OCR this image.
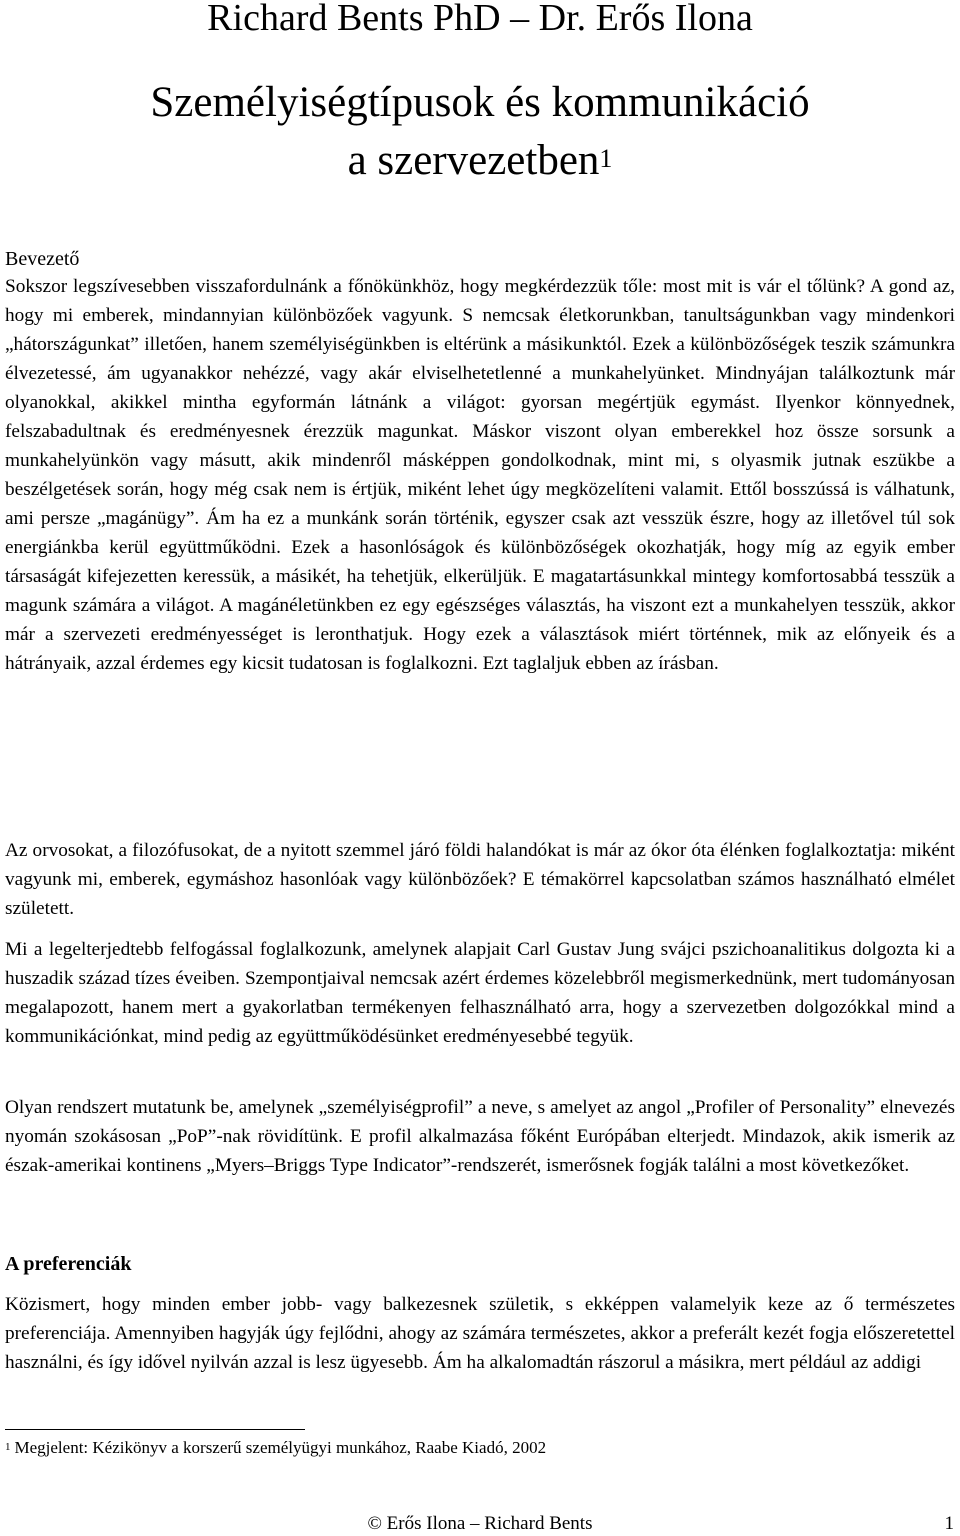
Richard Bents PhD – Dr. Erős Ilona
Személyiségtípusok és kommunikáció
a szervezetben$^1$
Bevezető

Sokszor legszívesebben visszafordulnánk a főnökünkhöz, hogy megkérdezzük tőle: most mit is vár el tőlünk? A gond az, hogy mi emberek, mindannyian különbözőek vagyunk. S nemcsak életkorunkban, tanultságunkban vagy mindenkori „hátországunkat” illetően, hanem személyiségünkben is eltérünk a másikunktól. Ezek a különbözőségek teszik számunkra élvezetessé, ám ugyanakkor nehézzé, vagy akár elviselhetetlenné a munkahelyünket. Mindnyájan találkoztunk már olyanokkal, akikkel mintha egyformán látnánk a világot: gyorsan megértjük egymást. Ilyenkor könnyednek, felszabadultnak és eredményesnek érezzük magunkat. Máskor viszont olyan emberekkel hoz össze sorsunk a munkahelyünkön vagy másutt, akik mindenről másképpen gondolkodnak, mint mi, s olyasmik jutnak eszükbe a beszélgetések során, hogy még csak nem is értjük, miként lehet úgy megközelíteni valamit. Ettől bosszússá is válhatunk, ami persze „magánügy”. Ám ha ez a munkánk során történik, egyszer csak azt vesszük észre, hogy az illetővel túl sok energiánkba kerül együttműködni. Ezek a hasonlóságok és különbözőségek okozhatják, hogy míg az egyik ember társaságát kifejezetten keressük, a másikét, ha tehetjük, elkerüljük. E magatartásunkkal mintegy komfortosabbá tesszük a magunk számára a világot. A magánéletünkben ez egy egészséges választás, ha viszont ezt a munkahelyen tesszük, akkor már a szervezeti eredményességet is leronthatjuk. Hogy ezek a választások miért történnek, mik az előnyeik és a hátrányaik, azzal érdemes egy kicsit tudatosan is foglalkozni. Ezt taglaljuk ebben az írásban.

Az orvosokat, a filozófusokat, de a nyitott szemmel járó földi halandókat is már az ókor óta élénken foglalkoztatja: miként vagyunk mi, emberek, egymáshoz hasonlóak vagy különbözőek? E témakörrel kapcsolatban számos használható elmélet született.

Mi a legelterjedtebb felfogással foglalkozunk, amelynek alapjait Carl Gustav Jung svájci pszichoanalitikus dolgozta ki a huszadik század tízes éveiben. Szempontjaival nemcsak azért érdemes közelebbről megismerkednünk, mert tudományosan megalapozott, hanem mert a gyakorlatban termékenyen felhasználható arra, hogy a szervezetben dolgozókkal mind a kommunikációnkat, mind pedig az együttműködésünket eredményesebbé tegyük.

Olyan rendszert mutatunk be, amelynek „személyiségprofil” a neve, s amelyet az angol „Profiler of Personality” elnevezés nyomán szokásosan „PoP”-nak rövidítünk. E profil alkalmazása főként Európában elterjedt. Mindazok, akik ismerik az észak-amerikai kontinens „Myers–Briggs Type Indicator”-rendszerét, ismerősnek fogják találni a most következőket.

A preferenciák

Közismert, hogy minden ember jobb- vagy balkezesnek születik, s ekképpen valamelyik keze az ő természetes preferenciája. Amennyiben hagyják úgy fejlődni, ahogy az számára természetes, akkor a preferált kezét fogja előszeretettel használni, és így idővel nyilván azzal is lesz ügyesebb. Ám ha alkalomadtán rászorul a másikra, mert például az addigi

$^1$ Megjelent: Kézikönyv a korszerű személyügyi munkához, Raabe Kiadó, 2002

© Erős Ilona – Richard Bents	1
